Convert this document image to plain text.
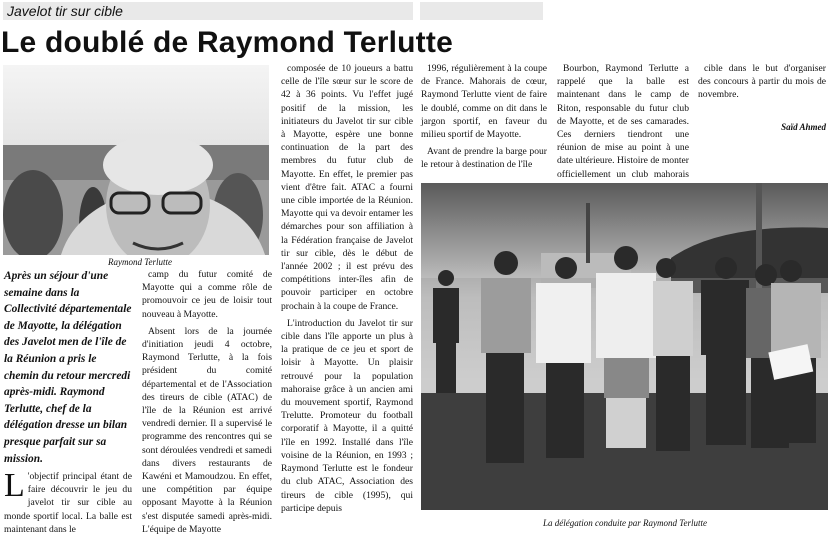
Javelot tir sur cible
Le doublé de Raymond Terlutte
Raymond Terlutte
Après un séjour d'une semaine dans la Collectivité départementale de Mayotte, la délégation des Javelot men de l'île de la Réunion a pris le chemin du retour mercredi après-midi. Raymond Terlutte, chef de la délégation dresse un bilan presque parfait sur sa mission.
L 'objectif principal étant de faire découvrir le jeu du javelot tir sur cible au monde sportif local. La balle est maintenant dans le

camp du futur comité de Mayotte qui a comme rôle de promouvoir ce jeu de loisir tout nouveau à Mayotte.

Absent lors de la journée d'initiation jeudi 4 octobre, Raymond Terlutte, à la fois président du comité départemental et de l'Association des tireurs de cible (ATAC) de l'île de la Réunion est arrivé vendredi dernier. Il a supervisé le programme des rencontres qui se sont déroulées vendredi et samedi dans divers restaurants de Kawéni et Mamoudzou. En effet, une compétition par équipe opposant Mayotte à la Réunion s'est disputée samedi après-midi. L'équipe de Mayotte

composée de 10 joueurs a battu celle de l'île sœur sur le score de 42 à 36 points. Vu l'effet jugé positif de la mission, les initiateurs du Javelot tir sur cible à Mayotte, espère une bonne continuation de la part des membres du futur club de Mayotte. En effet, le premier pas vient d'être fait. ATAC a fourni une cible importée de la Réunion. Mayotte qui va devoir entamer les démarches pour son affiliation à la Fédération française de Javelot tir sur cible, dès le début de l'année 2002 ; il est prévu des compétitions inter-îles afin de pouvoir participer en octobre prochain à la coupe de France.

L'introduction du Javelot tir sur cible dans l'île apporte un plus à la pratique de ce jeu et sport de loisir à Mayotte. Un plaisir retrouvé pour la population mahoraise grâce à un ancien ami du mouvement sportif, Raymond Trelutte. Promoteur du football corporatif à Mayotte, il a quitté l'île en 1992. Installé dans l'île voisine de la Réunion, en 1993 ; Raymond Terlutte est le fondeur du club ATAC, Association des tireurs de cible (1995), qui participe depuis

1996, régulièrement à la coupe de France. Mahorais de cœur, Raymond Terlutte vient de faire le doublé, comme on dit dans le jargon sportif, en faveur du milieu sportif de Mayotte.

Avant de prendre la barge pour le retour à destination de l'île

Bourbon, Raymond Terlutte a rappelé que la balle est maintenant dans le camp de Riton, responsable du futur club de Mayotte, et de ses camarades. Ces derniers tiendront une réunion de mise au point à une date ultérieure. Histoire de monter officiellement un club mahorais

cible dans le but d'organiser des concours à partir du mois de novembre.

Saïd Ahmed
La délégation conduite par Raymond Terlutte
